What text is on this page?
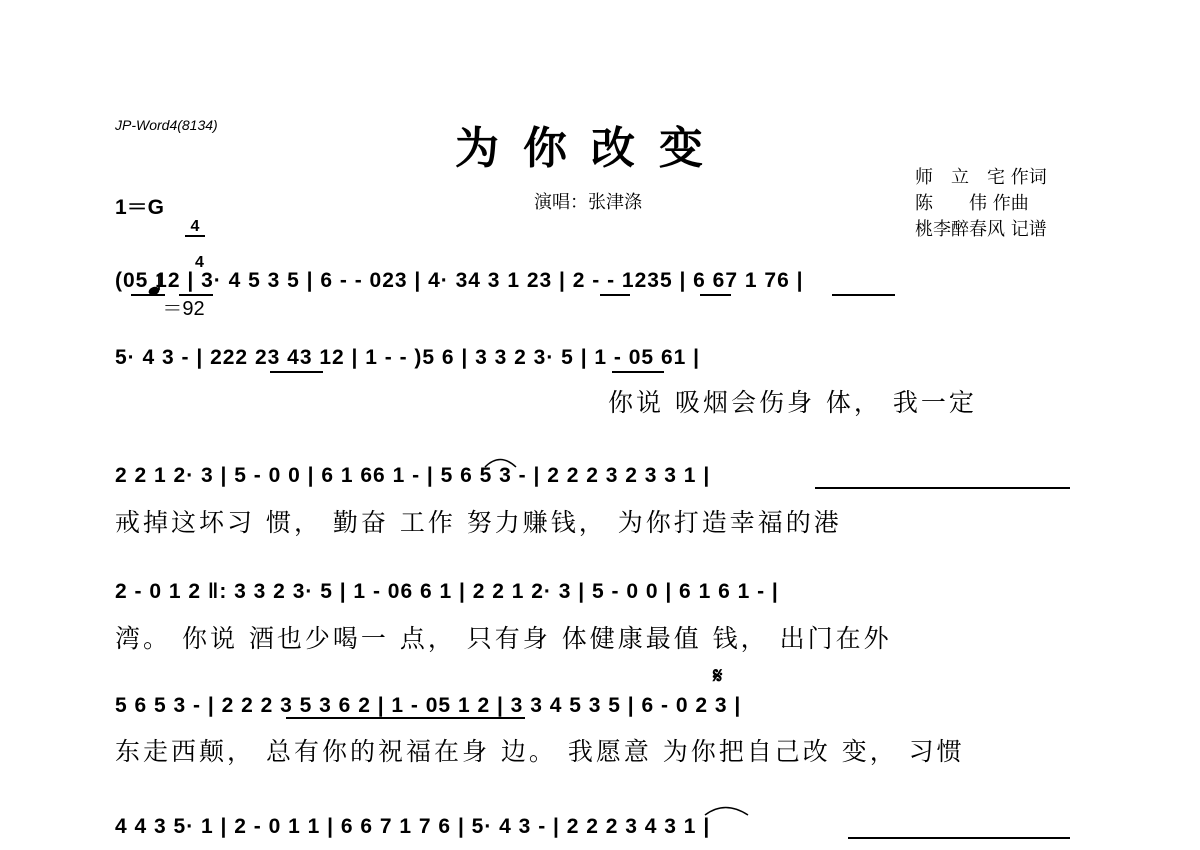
JP-Word4(8134)	为你改变
演唱：张津涤
师　立　宅 作词
陈　　伟 作曲
桃李醉春风 记谱
1＝G

$\frac{4}{4}$

＝92

(05 12 | 3· 4 5 3 5 | 6 - - 023 | 4· 34 3 1 23 | 2 - - 1235 | 6 67 1 76 |
5· 4 3 - | 222 23 43 12 | 1 - - )5 6 | 3 3 2 3· 5 | 1 - 05 61 |
你说 吸烟会伤身 体， 我一定
2 2 1 2· 3 | 5 - 0 0 | 6 1 66 1 - | 5 6 5 3 - | 2 2 2 3 2 3 3 1 |
戒掉这坏习 惯， 勤奋 工作 努力赚钱， 为你打造幸福的港
2 - 0 1 2 ‖: 3 3 2 3· 5 | 1 - 06 6 1 | 2 2 1 2· 3 | 5 - 0 0 | 6 1 6 1 - |
湾。 你说 酒也少喝一 点， 只有身 体健康最值 钱， 出门在外
𝄋
5 6 5 3 - | 2 2 2 3 5 3 6 2 | 1 - 05 1 2 | 3 3 4 5 3 5 | 6 - 0 2 3 |
东走西颠， 总有你的祝福在身 边。 我愿意 为你把自己改 变， 习惯
4 4 3 5· 1 | 2 - 0 1 1 | 6 6 7 1 7 6 | 5· 4 3 - | 2 2 2 3 4 3 1 |
